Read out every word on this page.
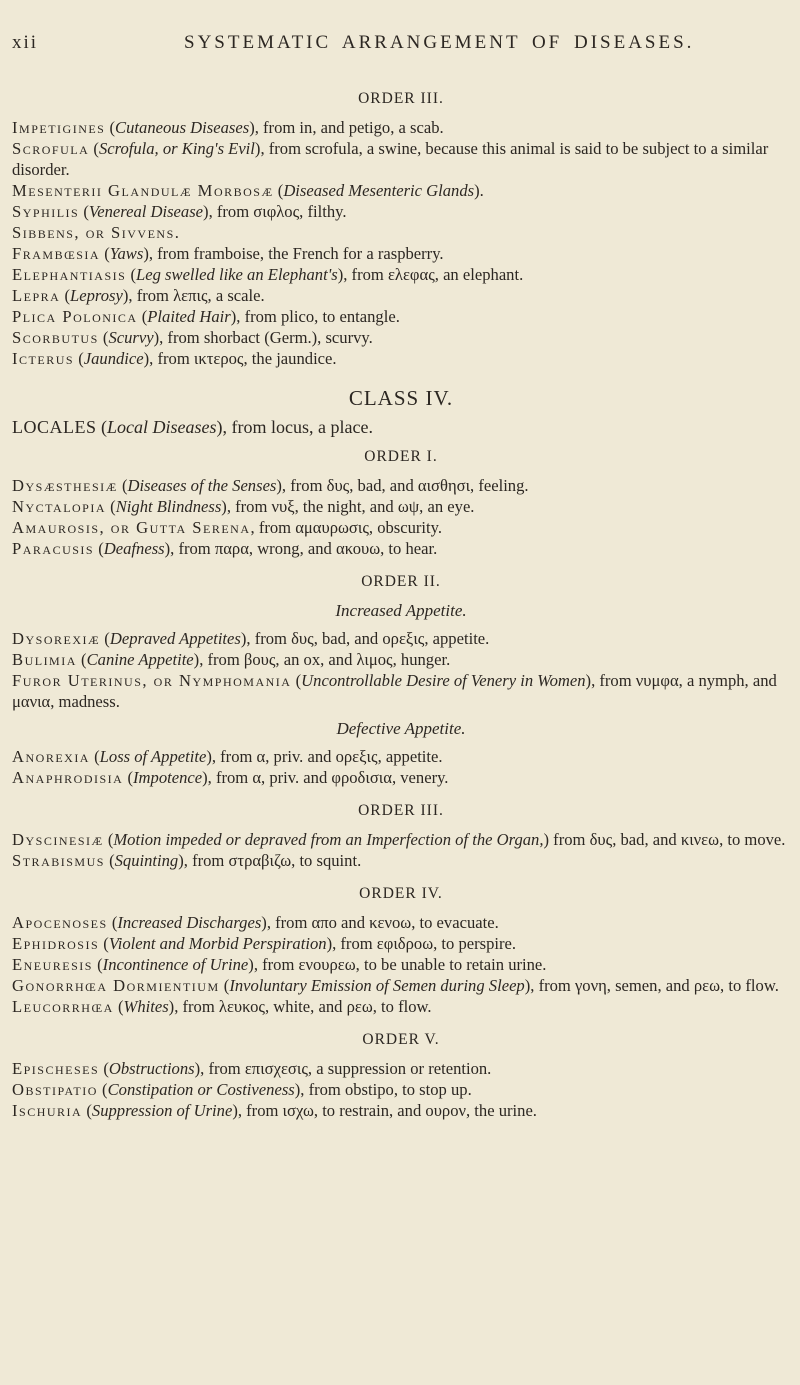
xii	SYSTEMATIC ARRANGEMENT OF DISEASES.
ORDER III.

Impetigines (Cutaneous Diseases), from in, and petigo, a scab.

Scrofula (Scrofula, or King's Evil), from scrofula, a swine, because this animal is said to be subject to a similar disorder.

Mesenterii Glandulæ Morbosæ (Diseased Mesenteric Glands).

Syphilis (Venereal Disease), from σιφλος, filthy.

Sibbens, or Sivvens.

Frambœsia (Yaws), from framboise, the French for a raspberry.

Elephantiasis (Leg swelled like an Elephant's), from ελεφας, an elephant.

Lepra (Leprosy), from λεπις, a scale.

Plica Polonica (Plaited Hair), from plico, to entangle.

Scorbutus (Scurvy), from shorbact (Germ.), scurvy.

Icterus (Jaundice), from ικτερος, the jaundice.

CLASS IV.

LOCALES (Local Diseases), from locus, a place.

ORDER I.

Dysæsthesiæ (Diseases of the Senses), from δυς, bad, and αισθησι, feeling.

Nyctalopia (Night Blindness), from νυξ, the night, and ωψ, an eye.

Amaurosis, or Gutta Serena, from αμαυρωσις, obscurity.

Paracusis (Deafness), from παρα, wrong, and ακουω, to hear.

ORDER II.
Increased Appetite.

Dysorexiæ (Depraved Appetites), from δυς, bad, and ορεξις, appetite.

Bulimia (Canine Appetite), from βους, an ox, and λιμος, hunger.

Furor Uterinus, or Nymphomania (Uncontrollable Desire of Venery in Women), from νυμφα, a nymph, and μανια, madness.

Defective Appetite.

Anorexia (Loss of Appetite), from α, priv. and ορεξις, appetite.

Anaphrodisia (Impotence), from α, priv. and φροδισια, venery.

ORDER III.

Dyscinesiæ (Motion impeded or depraved from an Imperfection of the Organ,) from δυς, bad, and κινεω, to move.

Strabismus (Squinting), from στραβιζω, to squint.

ORDER IV.

Apocenoses (Increased Discharges), from απο and κενοω, to evacuate.

Ephidrosis (Violent and Morbid Perspiration), from εφιδροω, to perspire.

Eneuresis (Incontinence of Urine), from ενουρεω, to be unable to retain urine.

Gonorrhœa Dormientium (Involuntary Emission of Semen during Sleep), from γονη, semen, and ρεω, to flow.

Leucorrhœa (Whites), from λευκος, white, and ρεω, to flow.

ORDER V.

Epischeses (Obstructions), from επισχεσις, a suppression or retention.

Obstipatio (Constipation or Costiveness), from obstipo, to stop up.

Ischuria (Suppression of Urine), from ισχω, to restrain, and ουρον, the urine.
